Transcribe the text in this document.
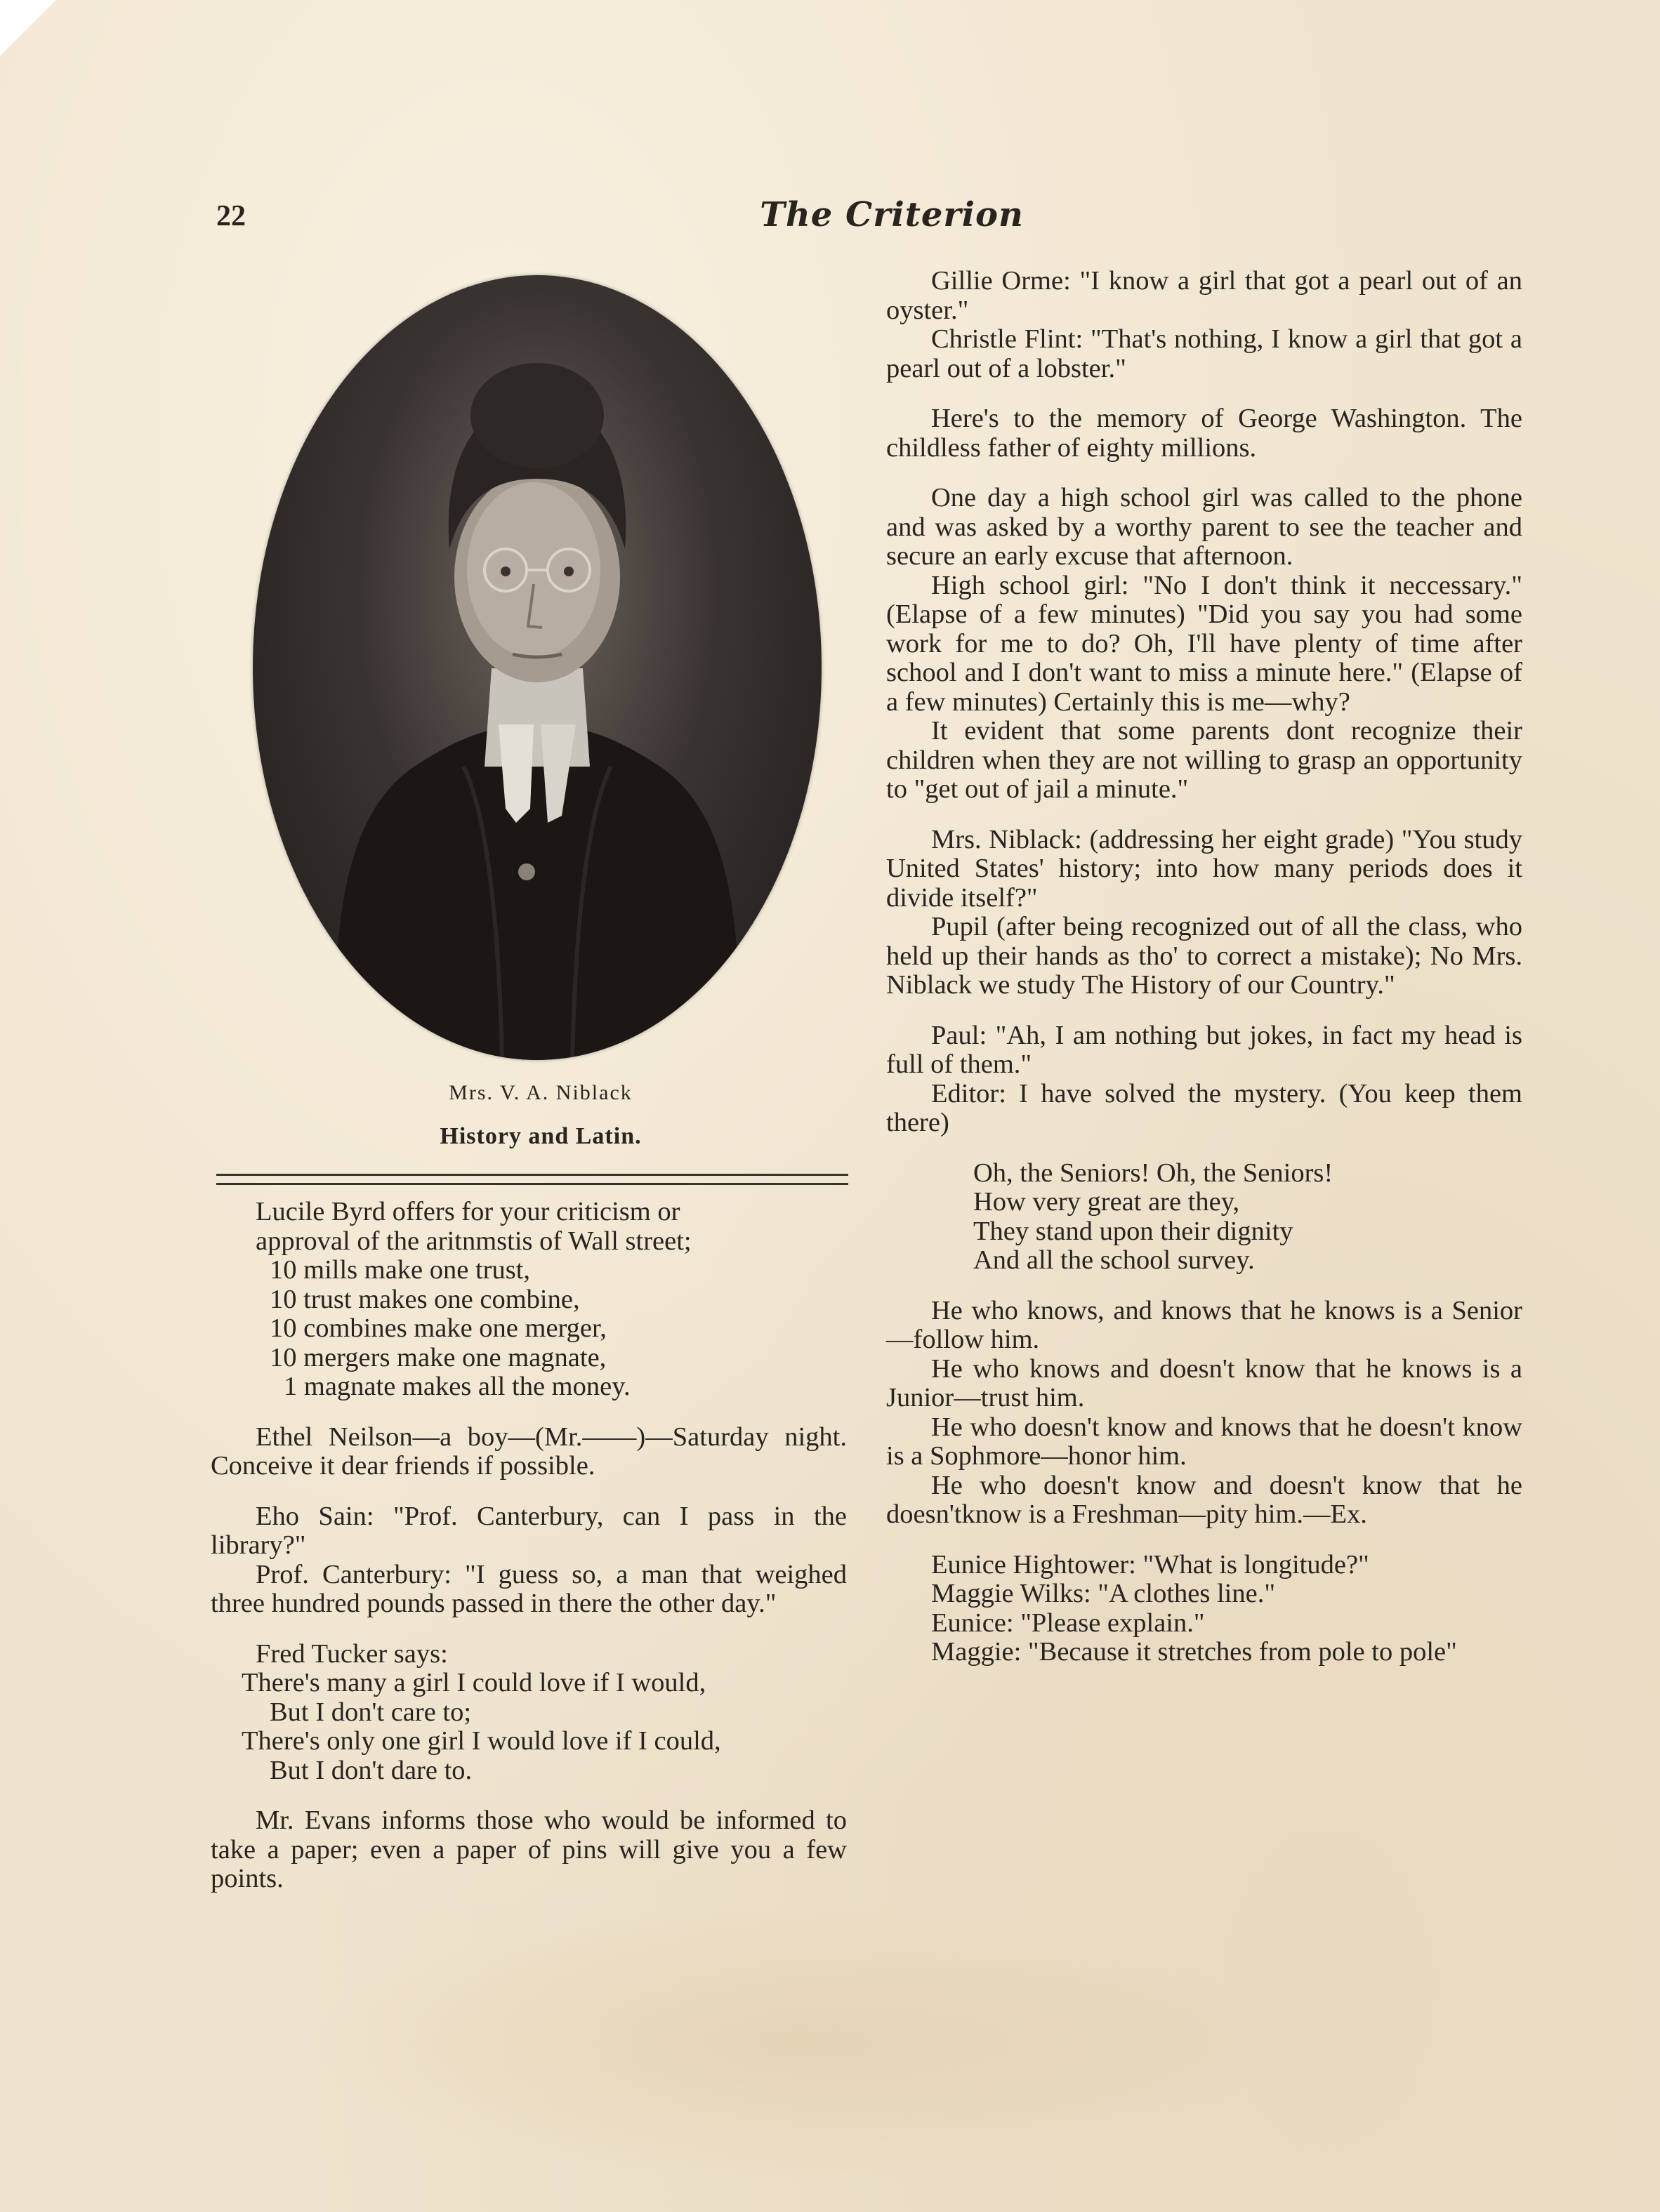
22	The Criterion
Mrs. V. A. Niblack
History and Latin.

Lucile Byrd offers for your criticism or
approval of the aritnmstis of Wall street;

10 mills make one trust,
10 trust makes one combine,
10 combines make one merger,
10 mergers make one magnate,
1 magnate makes all the money.

Ethel Neilson—a boy—(Mr.——)—Saturday night. Conceive it dear friends if possible.

Eho Sain: "Prof. Canterbury, can I pass in the library?"

Prof. Canterbury: "I guess so, a man that weighed three hundred pounds passed in there the other day."

Fred Tucker says:

There's many a girl I could love if I would,
But I don't care to;
There's only one girl I would love if I could,
But I don't dare to.

Mr. Evans informs those who would be informed to take a paper; even a paper of pins will give you a few points.

Gillie Orme: "I know a girl that got a pearl out of an oyster."

Christle Flint: "That's nothing, I know a girl that got a pearl out of a lobster."

Here's to the memory of George Washington. The childless father of eighty millions.

One day a high school girl was called to the phone and was asked by a worthy parent to see the teacher and secure an early excuse that afternoon.

High school girl: "No I don't think it neccessary." (Elapse of a few minutes) "Did you say you had some work for me to do? Oh, I'll have plenty of time after school and I don't want to miss a minute here." (Elapse of a few minutes) Certainly this is me—why?

It evident that some parents dont recognize their children when they are not willing to grasp an opportunity to "get out of jail a minute."

Mrs. Niblack: (addressing her eight grade) "You study United States' history; into how many periods does it divide itself?"

Pupil (after being recognized out of all the class, who held up their hands as tho' to correct a mistake); No Mrs. Niblack we study The History of our Country."

Paul: "Ah, I am nothing but jokes, in fact my head is full of them."

Editor: I have solved the mystery. (You keep them there)

Oh, the Seniors! Oh, the Seniors!
How very great are they,
They stand upon their dignity
And all the school survey.

He who knows, and knows that he knows is a Senior—follow him.

He who knows and doesn't know that he knows is a Junior—trust him.

He who doesn't know and knows that he doesn't know is a Sophmore—honor him.

He who doesn't know and doesn't know that he doesn'tknow is a Freshman—pity him.—Ex.

Eunice Hightower: "What is longitude?"
Maggie Wilks: "A clothes line."
Eunice: "Please explain."

Maggie: "Because it stretches from pole to pole"
